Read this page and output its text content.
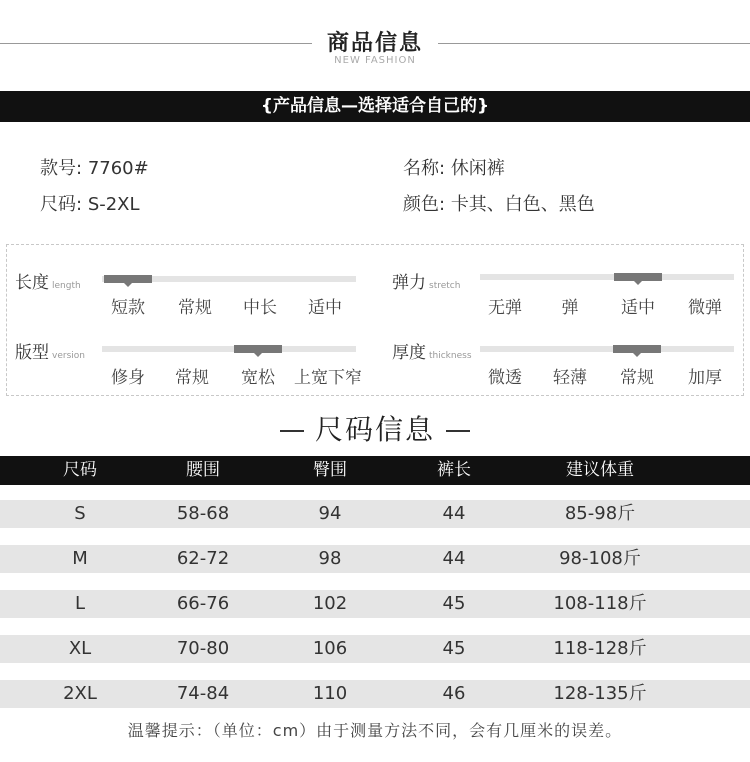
商品信息
NEW FASHION
{产品信息—选择适合自己的}
款号: 7760#
尺码: S-2XL
名称: 休闲裤
颜色: 卡其、白色、黑色
长度 length
短款	常规	中长	适中
弹力 stretch
无弹	弹	适中	微弹
版型 version
修身	常规	宽松	上宽下窄
厚度 thickness
微透	轻薄	常规	加厚
尺码信息
尺码	腰围	臀围	裤长	建议体重
S	58-68	94	44	85-98斤
M	62-72	98	44	98-108斤
L	66-76	102	45	108-118斤
XL	70-80	106	45	118-128斤
2XL	74-84	110	46	128-135斤
温馨提示：（单位：cm）由于测量方法不同，会有几厘米的误差。
